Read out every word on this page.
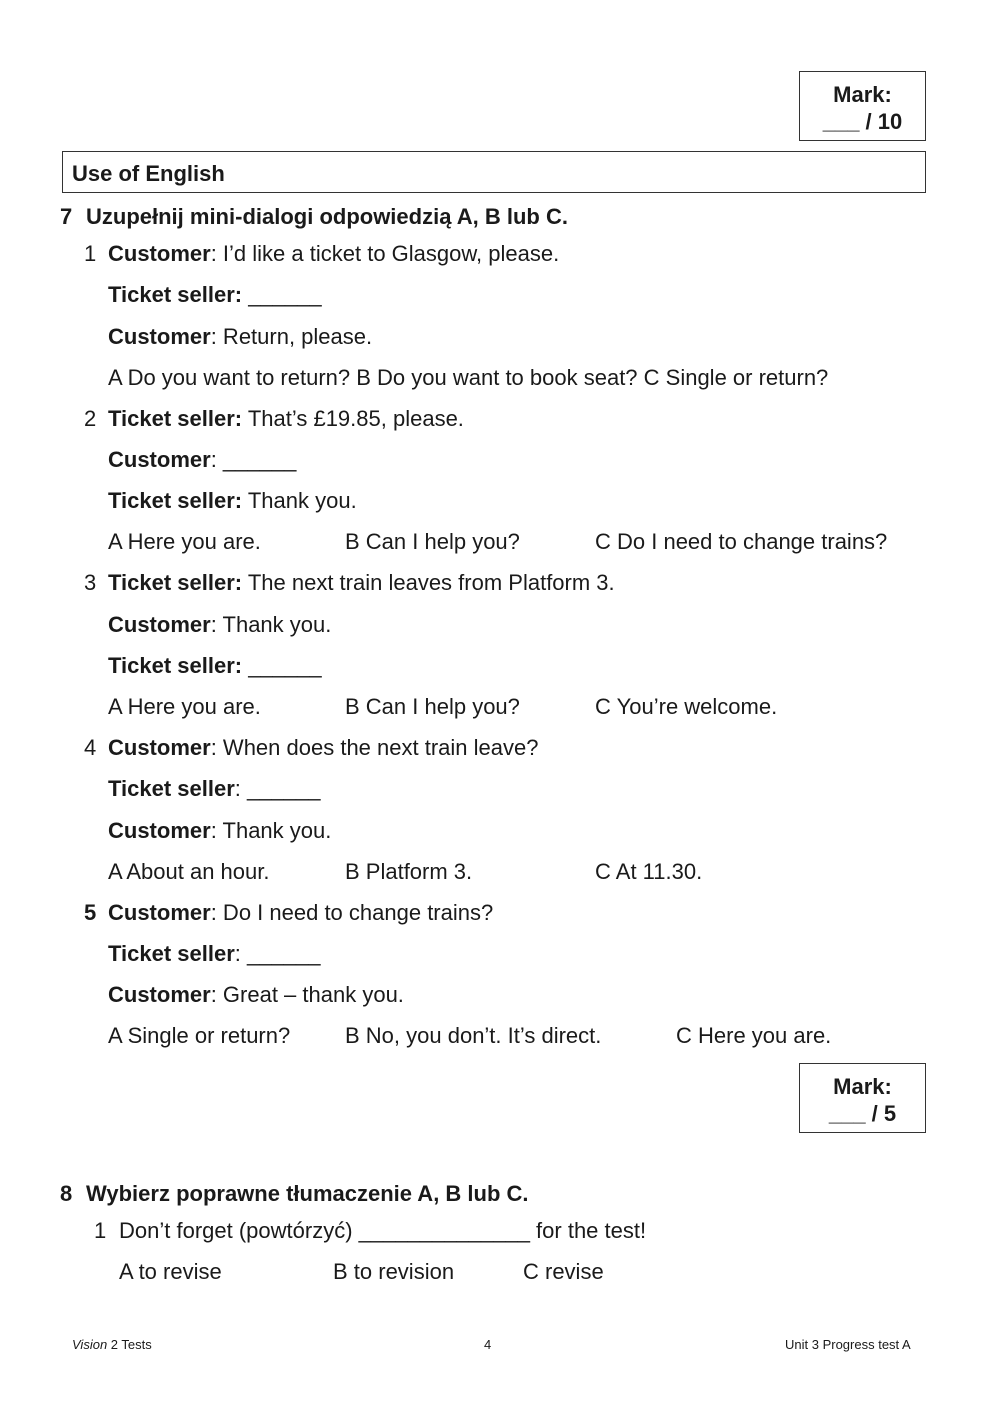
Mark:
___ / 10
Use of English
7 Uzupełnij mini-dialogi odpowiedzią A, B lub C.
1 Customer: I’d like a ticket to Glasgow, please.
Ticket seller: ______
Customer: Return, please.
A Do you want to return? B Do you want to book seat? C Single or return?
2 Ticket seller: That’s £19.85, please.
Customer: ______
Ticket seller: Thank you.
A Here you are.	B Can I help you?	C Do I need to change trains?
3 Ticket seller: The next train leaves from Platform 3.
Customer: Thank you.
Ticket seller: ______
A Here you are.	B Can I help you?	C You’re welcome.
4 Customer: When does the next train leave?
Ticket seller: ______
Customer: Thank you.
A About an hour.	B Platform 3.	C At 11.30.
5 Customer: Do I need to change trains?
Ticket seller: ______
Customer: Great – thank you.
A Single or return? B No, you don’t. It’s direct.	C Here you are.
Mark:
___ / 5
8 Wybierz poprawne tłumaczenie A, B lub C.
1 Don’t forget (powtórzyć) ______________ for the test!
A to revise	B to revision	C revise
Vision 2 Tests	4	Unit 3 Progress test A
